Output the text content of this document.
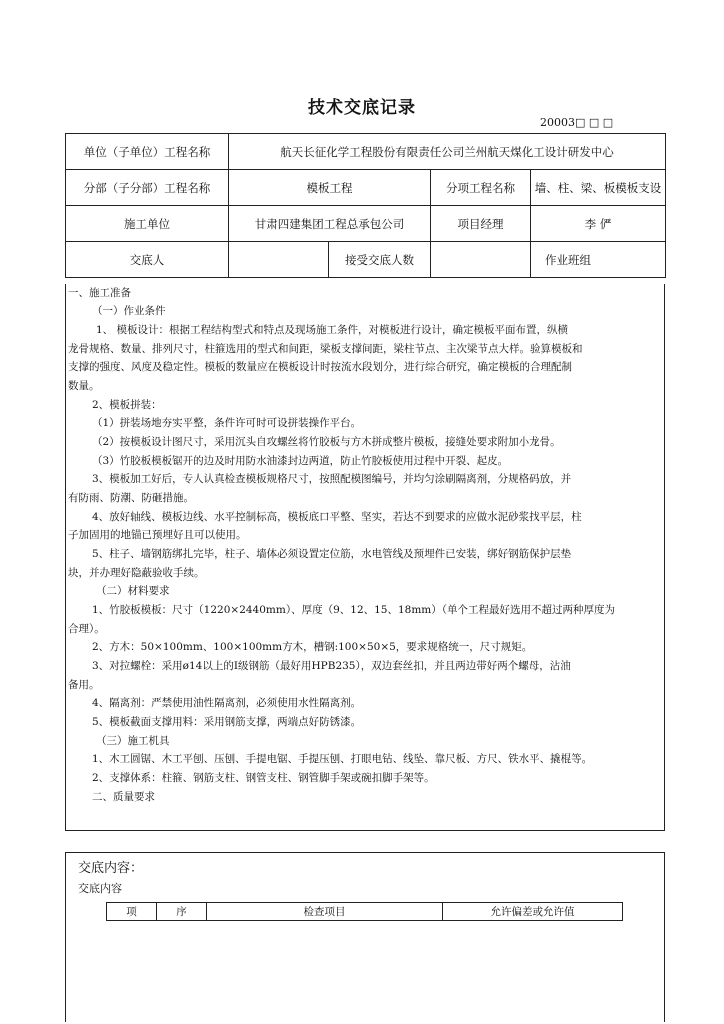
技术交底记录
20003□ □ □
单位（子单位）工程名称	航天长征化学工程股份有限责任公司兰州航天煤化工设计研发中心			
分部（子分部）工程名称	模板工程		分项工程名称	墙、柱、梁、板模板支设
施工单位	甘肃四建集团工程总承包公司		项目经理	李 俨
交底人		接受交底人数		作业班组
一、施工准备
（一）作业条件
1、 模板设计：根据工程结构型式和特点及现场施工条件，对模板进行设计，确定模板平面布置，纵横
龙骨规格、数量、排列尺寸，柱箍选用的型式和间距，梁板支撑间距，梁柱节点、主次梁节点大样。验算模板和
支撑的强度、风度及稳定性。模板的数量应在模板设计时按流水段划分，进行综合研究，确定模板的合理配制
数量。
2、模板拼装：
（1）拼装场地夯实平整，条件许可时可设拼装操作平台。
（2）按模板设计图尺寸，采用沉头自攻螺丝将竹胶板与方木拼成整片模板，接缝处要求附加小龙骨。
（3）竹胶板模板锯开的边及时用防水油漆封边两道，防止竹胶板使用过程中开裂、起皮。
3、模板加工好后，专人认真检查模板规格尺寸，按照配模图编号，并均匀涂刷隔离剂，分规格码放，并
有防雨、防潮、防砸措施。
4、放好轴线、模板边线、水平控制标高，模板底口平整、坚实，若达不到要求的应做水泥砂浆找平层，柱
子加固用的地锚已预埋好且可以使用。
5、柱子、墙钢筋绑扎完毕，柱子、墙体必须设置定位筋，水电管线及预埋件已安装，绑好钢筋保护层垫
块，并办理好隐蔽验收手续。
（二）材料要求
1、竹胶板模板：尺寸（1220×2440mm）、厚度（9、12、15、18mm）（单个工程最好选用不超过两种厚度为
合理）。
2、方木：50×100mm、100×100mm方木，槽钢:100×50×5，要求规格统一，尺寸规矩。
3、对拉螺栓：采用ø14以上的Ⅰ级钢筋（最好用HPB235），双边套丝扣，并且两边带好两个螺母，沾油
备用。
4、隔离剂：严禁使用油性隔离剂，必须使用水性隔离剂。
5、模板截面支撑用料：采用钢筋支撑，两端点好防锈漆。
（三）施工机具
1、木工圆锯、木工平刨、压刨、手提电锯、手提压刨、打眼电钻、线坠、靠尺板、方尺、铁水平、撬棍等。
2、支撑体系：柱箍、钢筋支柱、钢管支柱、钢管脚手架或碗扣脚手架等。
二、质量要求
交底内容：
交底内容
项	序	检查项目	允许偏差或允许值
